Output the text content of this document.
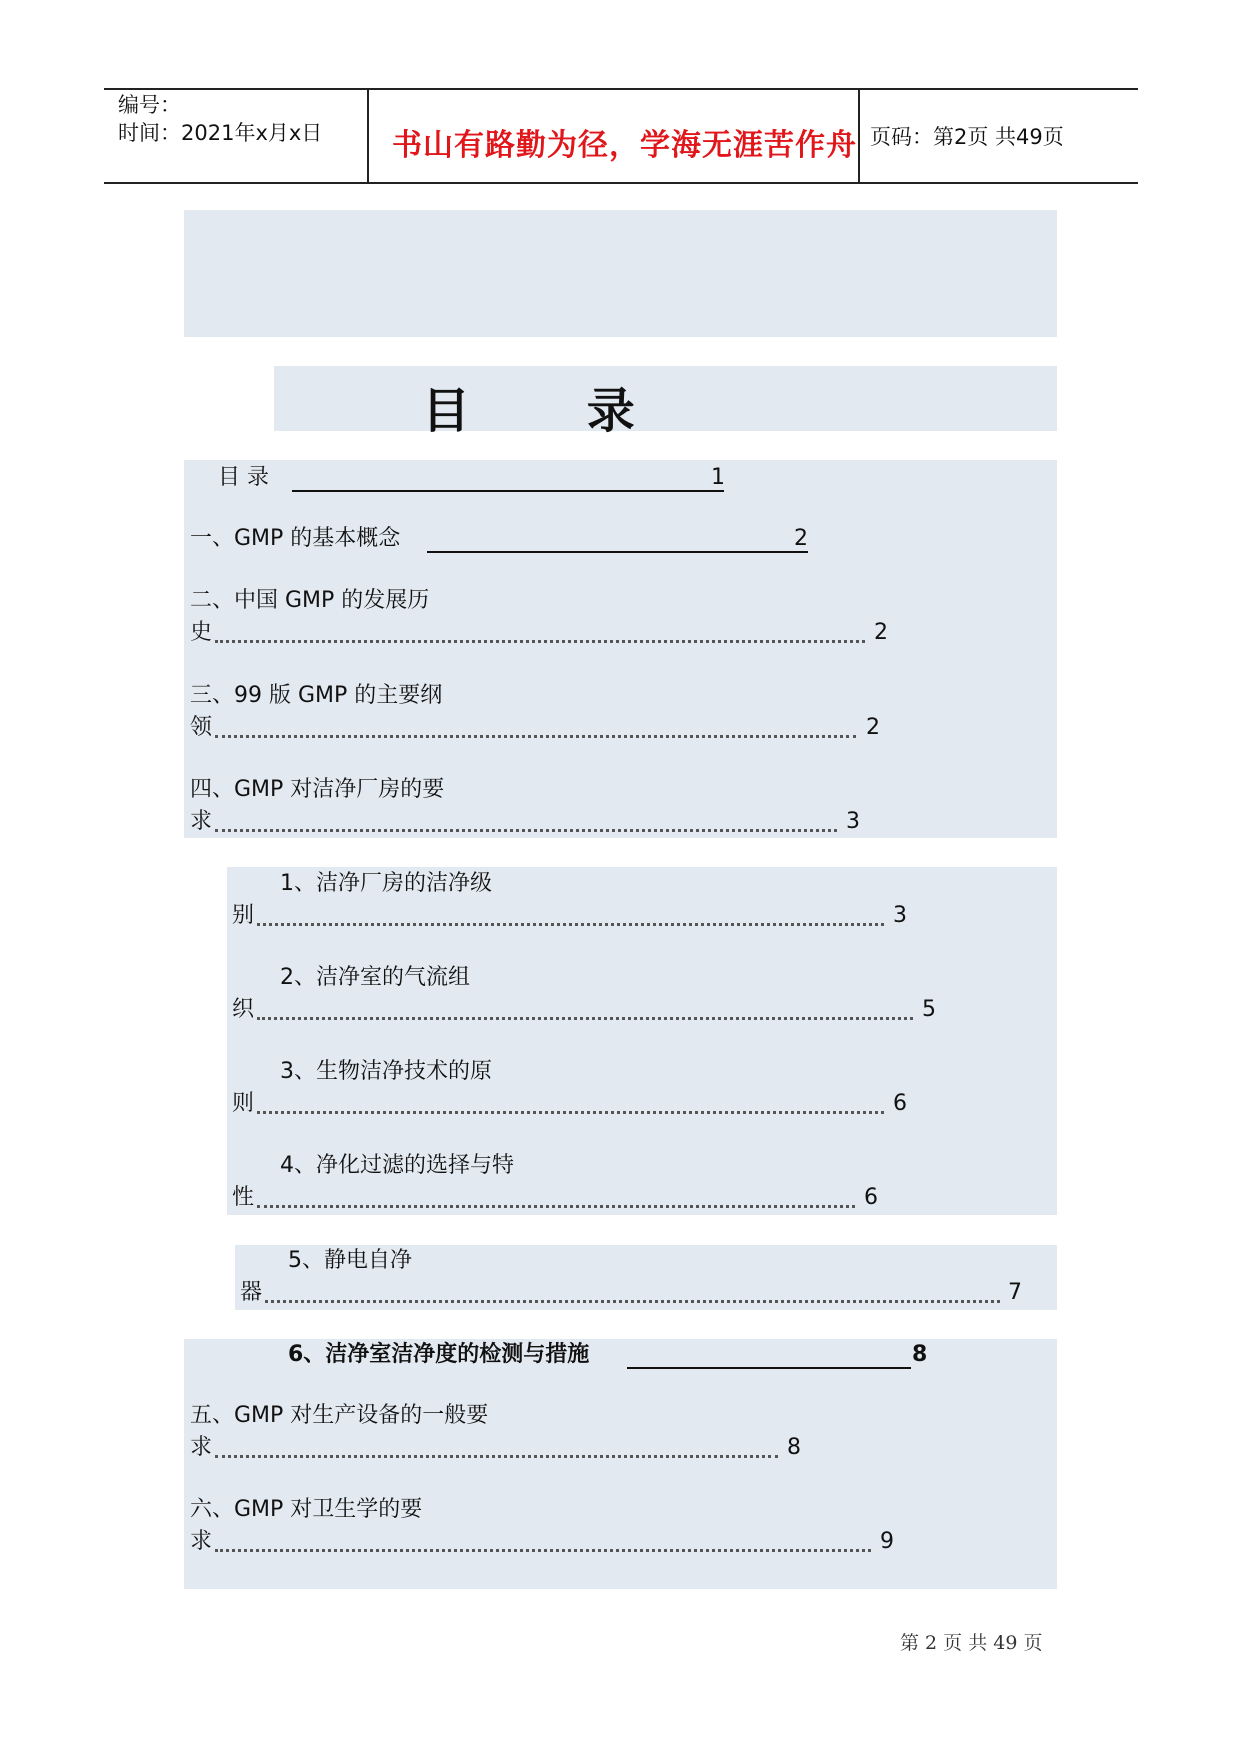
编号：
时间：2021年x月x日 书山有路勤为径，学海无涯苦作舟 页码：第2页 共49页
目 录
目 录	1
一、GMP 的基本概念	2
二、中国 GMP 的发展历
史	2
三、99 版 GMP 的主要纲
领	2
四、GMP 对洁净厂房的要
求	3
1、洁净厂房的洁净级
别	3
2、洁净室的气流组
织	5
3、生物洁净技术的原
则	6
4、净化过滤的选择与特
性	6
5、静电自净
器	7
6、洁净室洁净度的检测与措施	8
五、GMP 对生产设备的一般要
求	8
六、GMP 对卫生学的要
求	9
第 2 页 共 49 页
